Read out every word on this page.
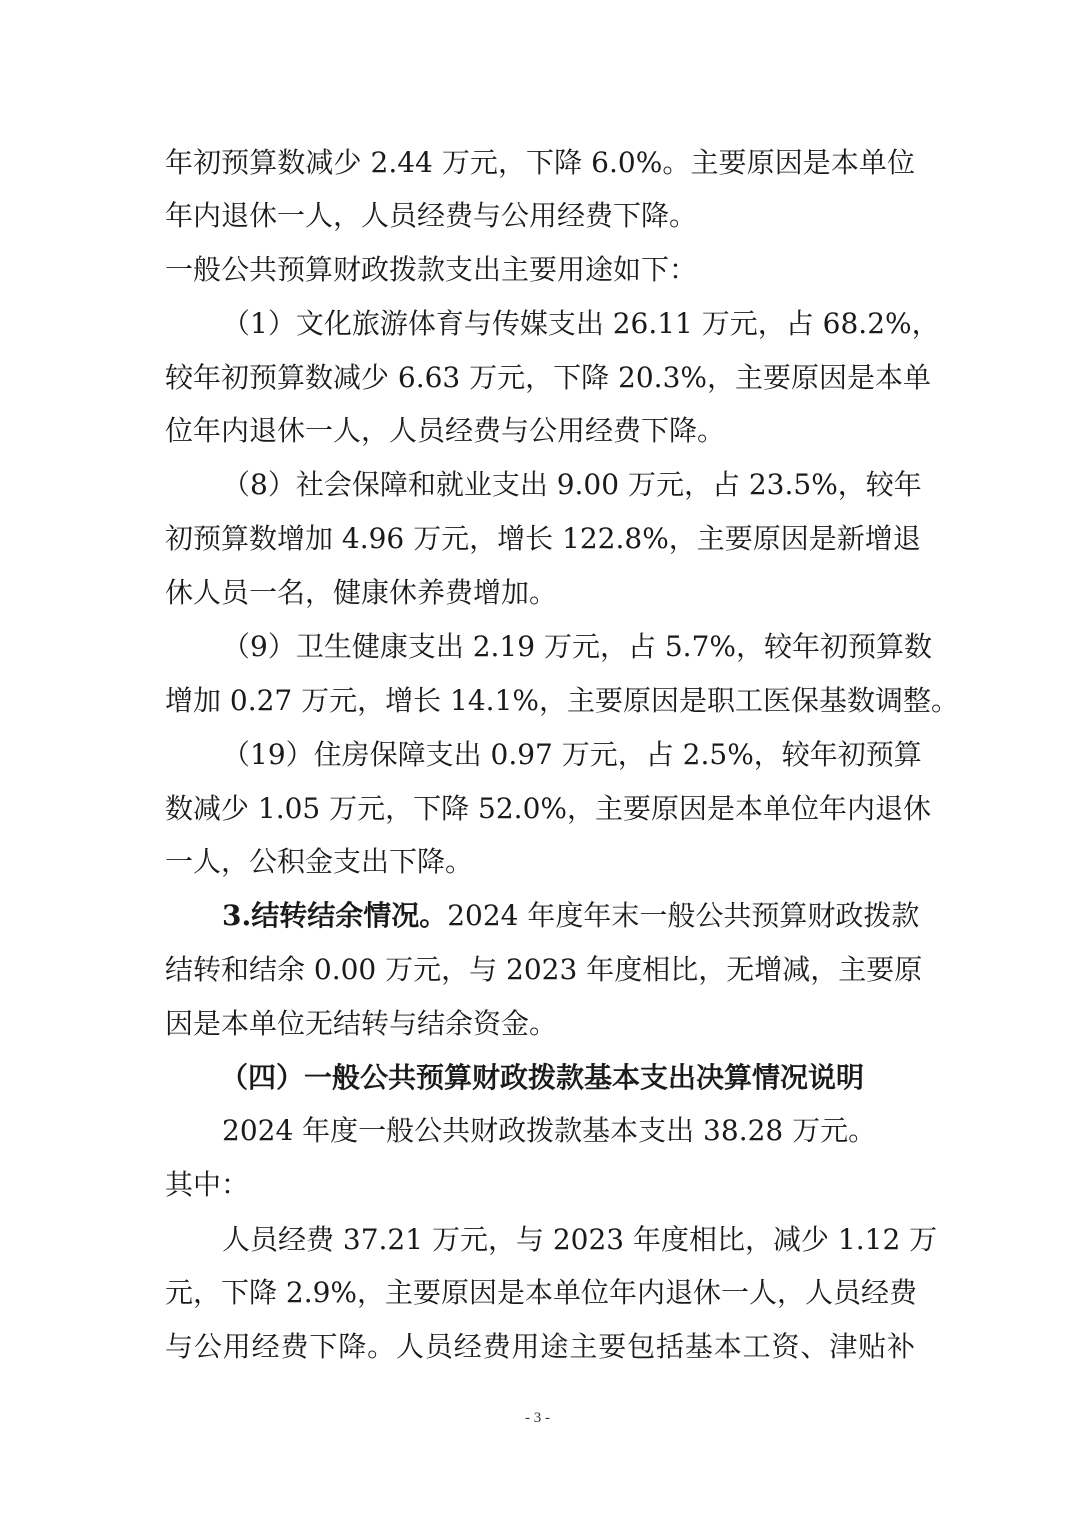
年初预算数减少 2.44 万元，下降 6.0%。主要原因是本单位
年内退休一人，人员经费与公用经费下降。
一般公共预算财政拨款支出主要用途如下：
（1）文化旅游体育与传媒支出 26.11 万元，占 68.2%，
较年初预算数减少 6.63 万元，下降 20.3%，主要原因是本单
位年内退休一人，人员经费与公用经费下降。
（8）社会保障和就业支出 9.00 万元，占 23.5%，较年
初预算数增加 4.96 万元，增长 122.8%，主要原因是新增退
休人员一名，健康休养费增加。
（9）卫生健康支出 2.19 万元，占 5.7%，较年初预算数
增加 0.27 万元，增长 14.1%，主要原因是职工医保基数调整。
（19）住房保障支出 0.97 万元，占 2.5%，较年初预算
数减少 1.05 万元，下降 52.0%，主要原因是本单位年内退休
一人，公积金支出下降。
3.结转结余情况。2024 年度年末一般公共预算财政拨款
结转和结余 0.00 万元，与 2023 年度相比，无增减，主要原
因是本单位无结转与结余资金。
（四）一般公共预算财政拨款基本支出决算情况说明
2024 年度一般公共财政拨款基本支出 38.28 万元。
其中：
人员经费 37.21 万元，与 2023 年度相比，减少 1.12 万
元，下降 2.9%，主要原因是本单位年内退休一人，人员经费
与公用经费下降。人员经费用途主要包括基本工资、津贴补
- 3 -
